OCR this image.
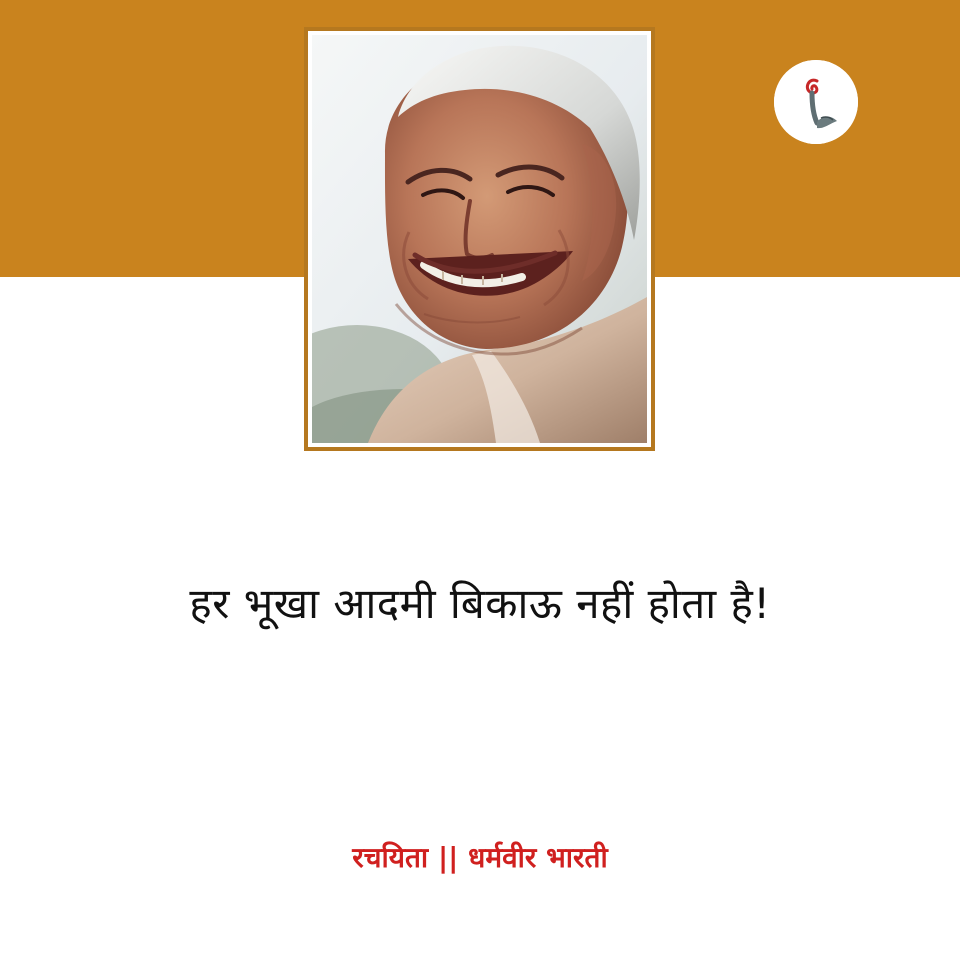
हर भूखा आदमी बिकाऊ नहीं होता है!
रचयिता || धर्मवीर भारती
